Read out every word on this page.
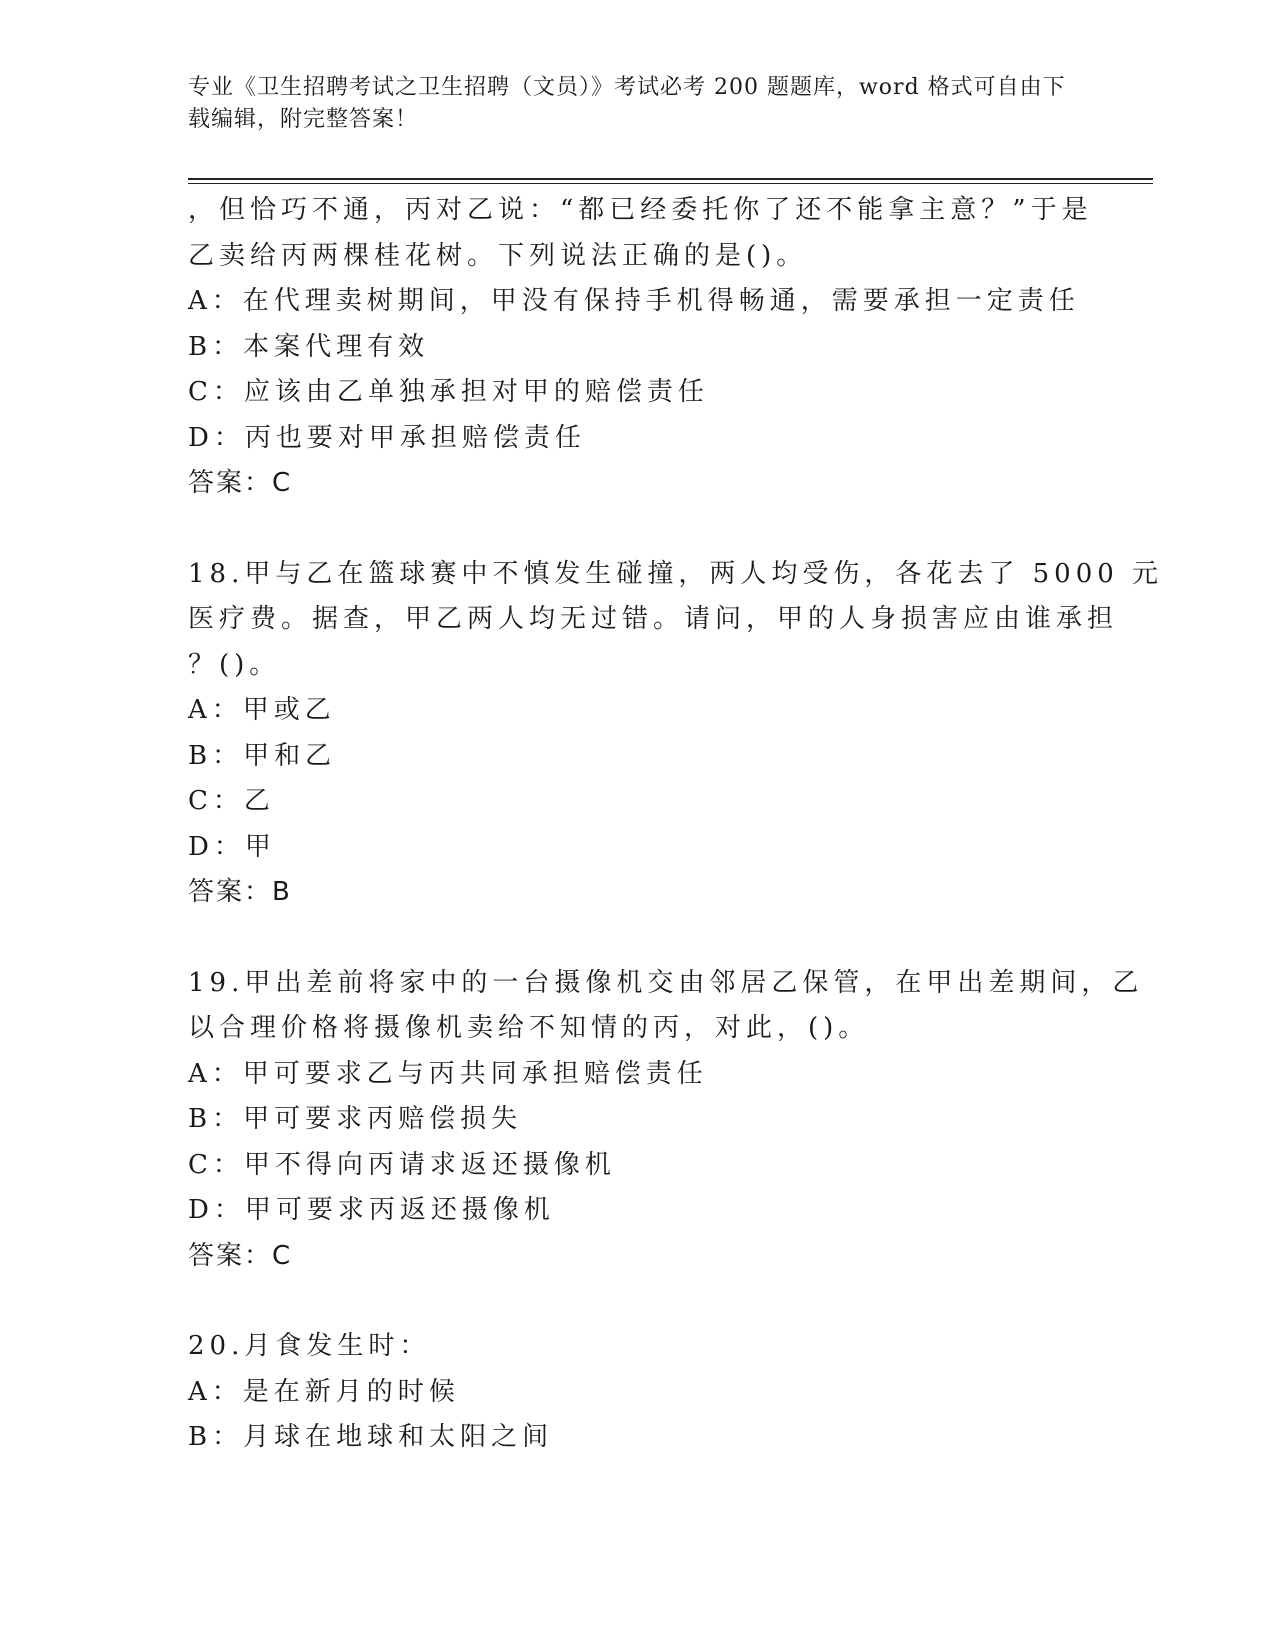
专业《卫生招聘考试之卫生招聘（文员）》考试必考 200 题题库，word 格式可自由下载编辑，附完整答案！
，但恰巧不通，丙对乙说：“都已经委托你了还不能拿主意？”于是
乙卖给丙两棵桂花树。下列说法正确的是()。
A：在代理卖树期间，甲没有保持手机得畅通，需要承担一定责任
B：本案代理有效
C：应该由乙单独承担对甲的赔偿责任
D：丙也要对甲承担赔偿责任
答案：C
18.甲与乙在篮球赛中不慎发生碰撞，两人均受伤，各花去了 5000 元
医疗费。据查，甲乙两人均无过错。请问，甲的人身损害应由谁承担
？()。
A：甲或乙
B：甲和乙
C：乙
D：甲
答案：B
19.甲出差前将家中的一台摄像机交由邻居乙保管，在甲出差期间，乙
以合理价格将摄像机卖给不知情的丙，对此，()。
A：甲可要求乙与丙共同承担赔偿责任
B：甲可要求丙赔偿损失
C：甲不得向丙请求返还摄像机
D：甲可要求丙返还摄像机
答案：C
20.月食发生时：
A：是在新月的时候
B：月球在地球和太阳之间
